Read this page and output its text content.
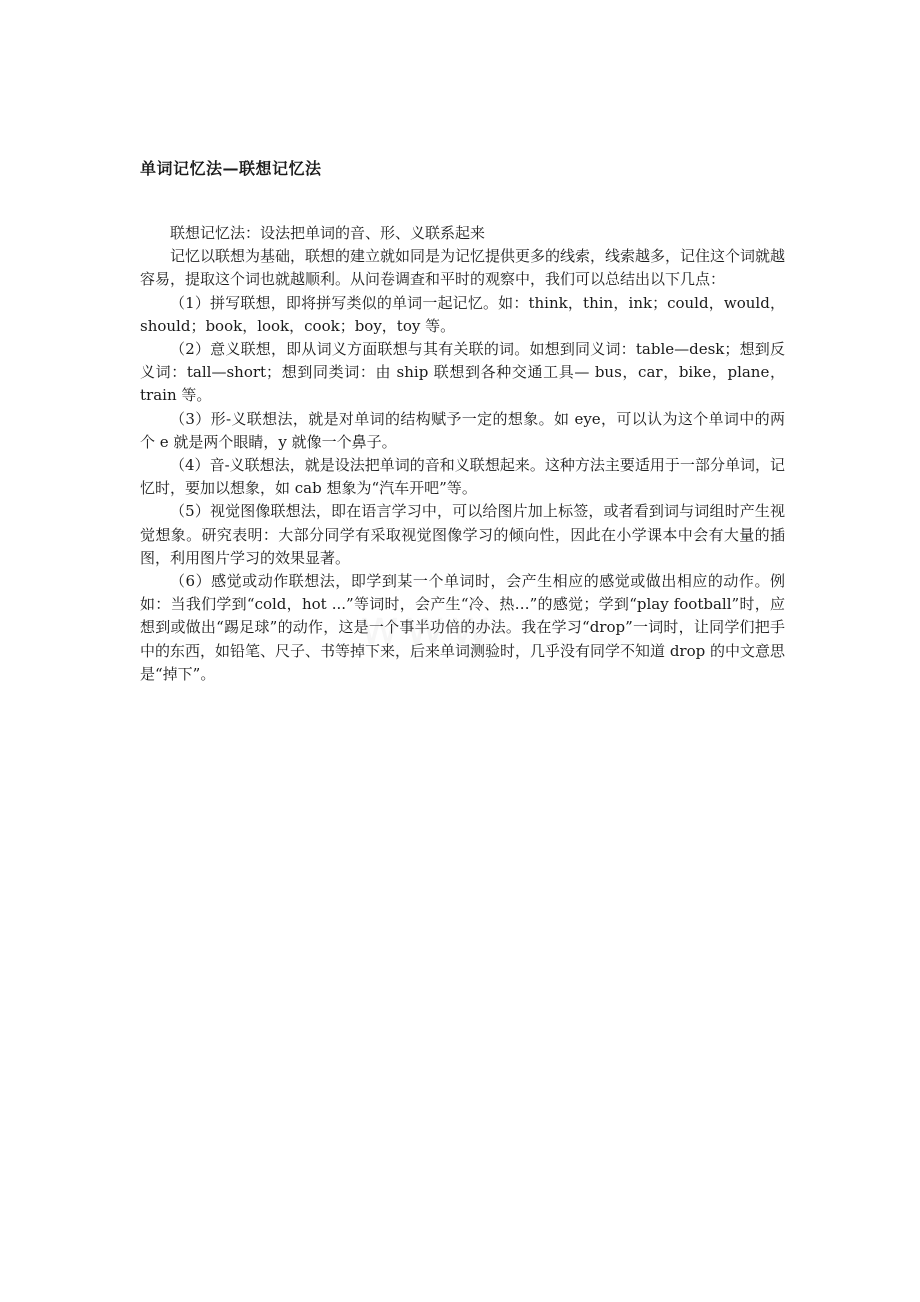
单词记忆法—联想记忆法

联想记忆法：设法把单词的音、形、义联系起来

记忆以联想为基础，联想的建立就如同是为记忆提供更多的线索，线索越多，记住这个词就越容易，提取这个词也就越顺利。从问卷调查和平时的观察中，我们可以总结出以下几点：

（1）拼写联想，即将拼写类似的单词一起记忆。如：think，thin，ink；could，would，should；book，look，cook；boy，toy 等。

（2）意义联想，即从词义方面联想与其有关联的词。如想到同义词：table—desk；想到反义词：tall—short；想到同类词：由 ship 联想到各种交通工具— bus，car，bike，plane，train 等。

（3）形-义联想法，就是对单词的结构赋予一定的想象。如 eye，可以认为这个单词中的两个 e 就是两个眼睛，y 就像一个鼻子。

（4）音-义联想法，就是设法把单词的音和义联想起来。这种方法主要适用于一部分单词，记忆时，要加以想象，如 cab 想象为“汽车开吧”等。

（5）视觉图像联想法，即在语言学习中，可以给图片加上标签，或者看到词与词组时产生视觉想象。研究表明：大部分同学有采取视觉图像学习的倾向性，因此在小学课本中会有大量的插图，利用图片学习的效果显著。

（6）感觉或动作联想法，即学到某一个单词时，会产生相应的感觉或做出相应的动作。例如：当我们学到“cold，hot ...”等词时，会产生“冷、热…”的感觉；学到“play football”时，应想到或做出“踢足球”的动作，这是一个事半功倍的办法。我在学习“drop”一词时，让同学们把手中的东西，如铅笔、尺子、书等掉下来，后来单词测验时，几乎没有同学不知道 drop 的中文意思是“掉下”。
